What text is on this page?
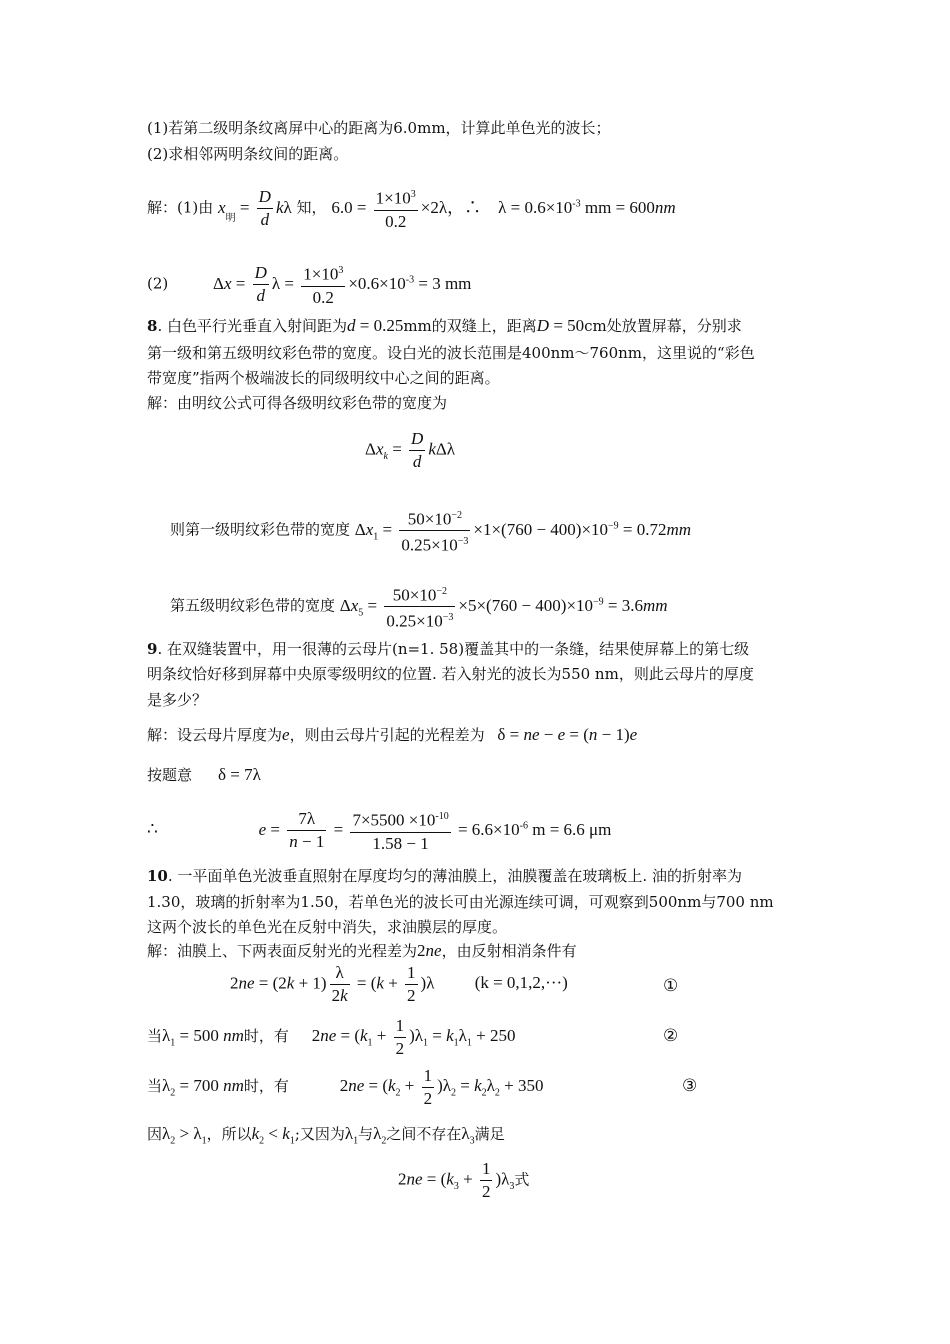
(1)若第二级明条纹离屏中心的距离为6.0mm，计算此单色光的波长；
(2)求相邻两明条纹间的距离。
解：(1)由 $x_明 = \frac{D}{d}$ kλ 知， $6.0 = \frac{1\times 10^3}{0.2} \times 2\lambda$，∴    $\lambda = 0.6\times 10^{-3}$ mm = 600nm
(2)	$\Delta x = \frac{D}{d}$ $\lambda = \frac{1\times 10^3}{0.2} \times 0.6\times 10^{-3} = 3$ mm
8. 白色平行光垂直入射间距为d = 0.25mm的双缝上，距离D = 50cm处放置屏幕，分别求
第一级和第五级明纹彩色带的宽度。设白光的波长范围是400nm～760nm，这里说的“彩色
带宽度”指两个极端波长的同级明纹中心之间的距离。
解：由明纹公式可得各级明纹彩色带的宽度为
$\Delta x_k = \frac{D}{d}$ kΔλ
则第一级明纹彩色带的宽度 $\Delta x_1 = \frac{50\times 10^{-2}}{0.25\times 10^{-3}} \times 1\times(760 - 400)\times 10^{-9} = 0.72mm$
第五级明纹彩色带的宽度 $\Delta x_5 = \frac{50\times 10^{-2}}{0.25\times 10^{-3}} \times 5\times(760 - 400)\times 10^{-9} = 3.6mm$
9. 在双缝装置中，用一很薄的云母片(n=1. 58)覆盖其中的一条缝，结果使屏幕上的第七级
明条纹恰好移到屏幕中央原零级明纹的位置. 若入射光的波长为550 nm，则此云母片的厚度
是多少？
解：设云母片厚度为e，则由云母片引起的光程差为 δ = ne − e = (n − 1)e
按题意 δ = 7λ
∴	$e = \frac{7\lambda}{n - 1} = \frac{7\times 5500 \times 10^{-10}}{1.58 - 1} = 6.6\times 10^{-6}$ m = 6.6 μm
10. 一平面单色光波垂直照射在厚度均匀的薄油膜上，油膜覆盖在玻璃板上. 油的折射率为
1.30，玻璃的折射率为1.50，若单色光的波长可由光源连续可调，可观察到500nm与700 nm
这两个波长的单色光在反射中消失，求油膜层的厚度。
解：油膜上、下两表面反射光的光程差为2ne，由反射相消条件有
$2ne = (2k + 1) \frac{\lambda}{2k} = (k + \frac{1}{2} )\lambda$ (k = 0,1,2,···)	①
当$\lambda_1 = 500$ nm时，有 $2ne = (k_1 + \frac{1}{2} )\lambda_1 = k_1\lambda_1 + 250$	②
当$\lambda_2 = 700$ nm时，有	$2ne = (k_2 + \frac{1}{2} )\lambda_2 = k_2\lambda_2 + 350$	③
因$\lambda_2 > \lambda_1$，所以$k_2 < k_1$;又因为$\lambda_1$与$\lambda_2$之间不存在$\lambda_3$满足
$2ne = (k_3 + \frac{1}{2} )\lambda_3$式
